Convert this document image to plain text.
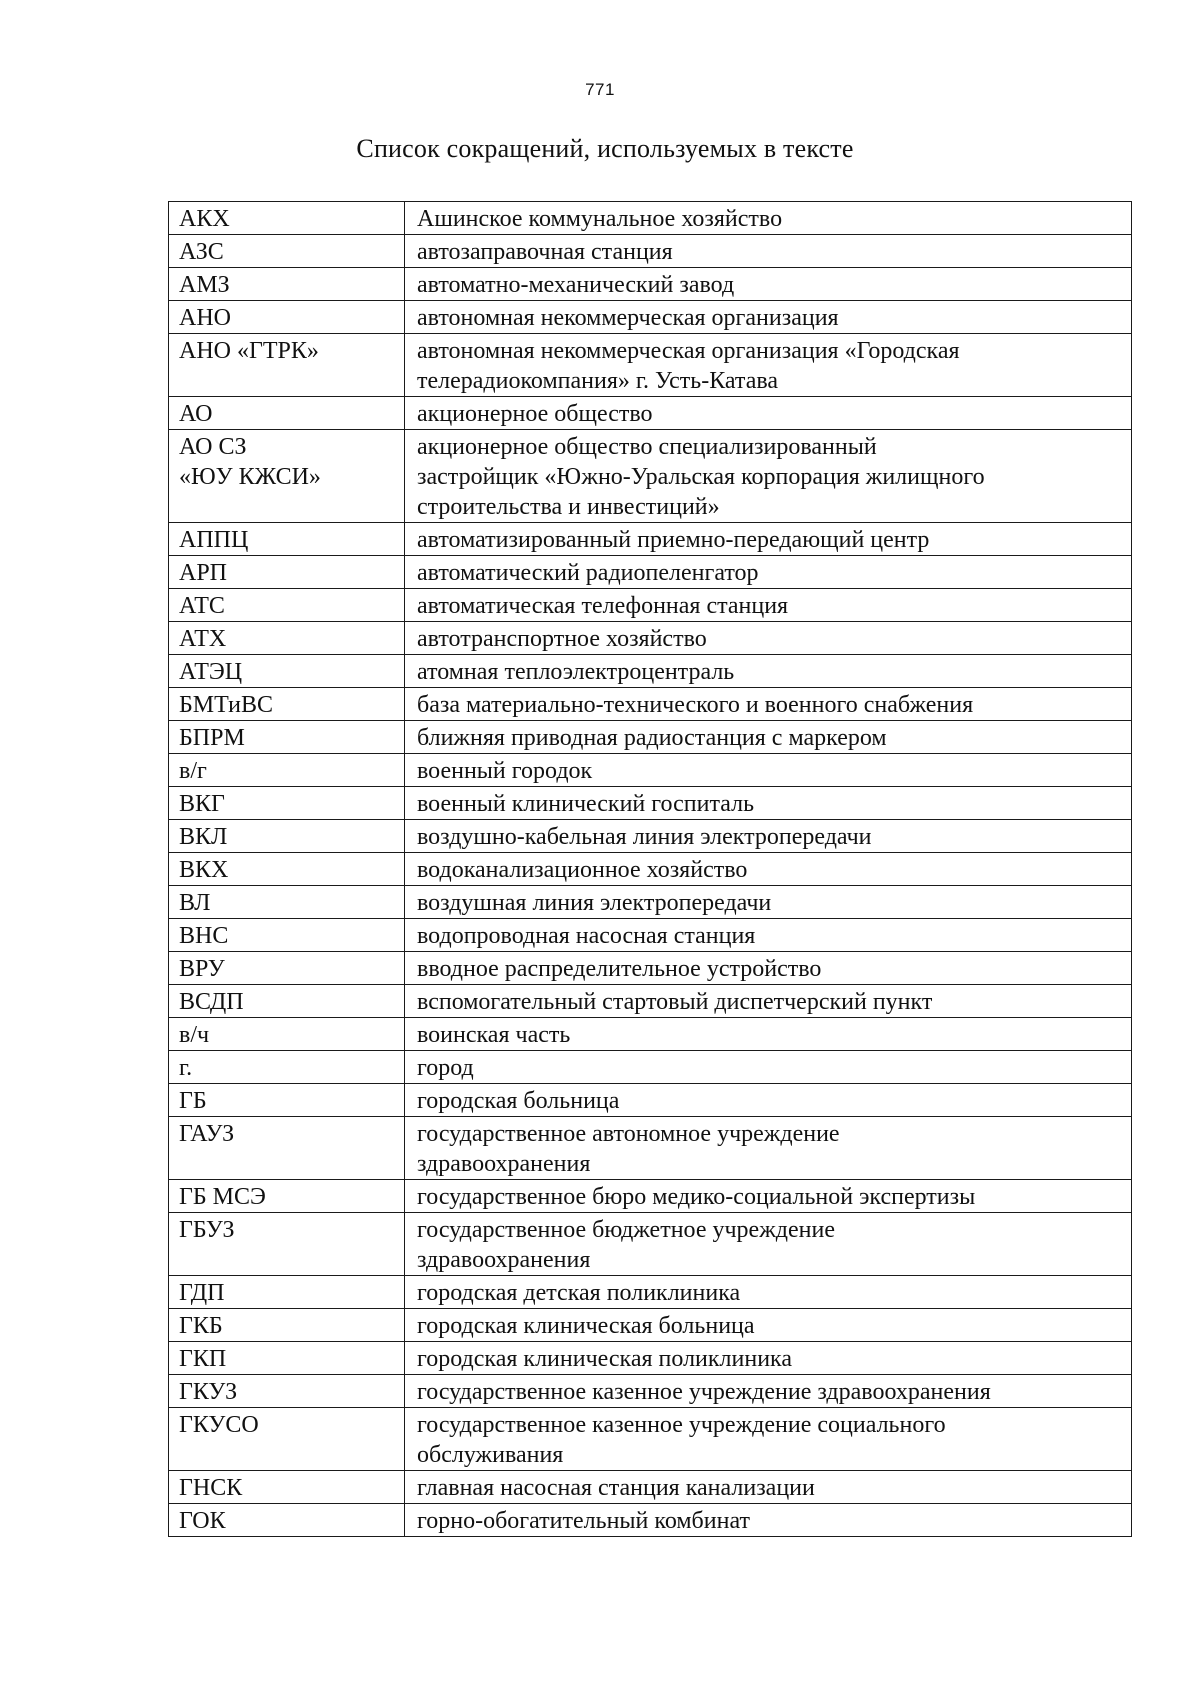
771
Список сокращений, используемых в тексте
АКХ	Ашинское коммунальное хозяйство
АЗС	автозаправочная станция
АМЗ	автоматно-механический завод
АНО	автономная некоммерческая организация
АНО «ГТРК»	автономная некоммерческая организация «Городская
телерадиокомпания» г. Усть-Катава
АО	акционерное общество
АО СЗ
«ЮУ КЖСИ»	акционерное общество специализированный
застройщик «Южно-Уральская корпорация жилищного
строительства и инвестиций»
АППЦ	автоматизированный приемно-передающий центр
АРП	автоматический радиопеленгатор
АТС	автоматическая телефонная станция
АТХ	автотранспортное хозяйство
АТЭЦ	атомная теплоэлектроцентраль
БМТиВС	база материально-технического и военного снабжения
БПРМ	ближняя приводная радиостанция с маркером
в/г	военный городок
ВКГ	военный клинический госпиталь
ВКЛ	воздушно-кабельная линия электропередачи
ВКХ	водоканализационное хозяйство
ВЛ	воздушная линия электропередачи
ВНС	водопроводная насосная станция
ВРУ	вводное распределительное устройство
ВСДП	вспомогательный стартовый диспетчерский пункт
в/ч	воинская часть
г.	город
ГБ	городская больница
ГАУЗ	государственное автономное учреждение
здравоохранения
ГБ МСЭ	государственное бюро медико-социальной экспертизы
ГБУЗ	государственное бюджетное учреждение
здравоохранения
ГДП	городская детская поликлиника
ГКБ	городская клиническая больница
ГКП	городская клиническая поликлиника
ГКУЗ	государственное казенное учреждение здравоохранения
ГКУСО	государственное казенное учреждение социального
обслуживания
ГНСК	главная насосная станция канализации
ГОК	горно-обогатительный комбинат
